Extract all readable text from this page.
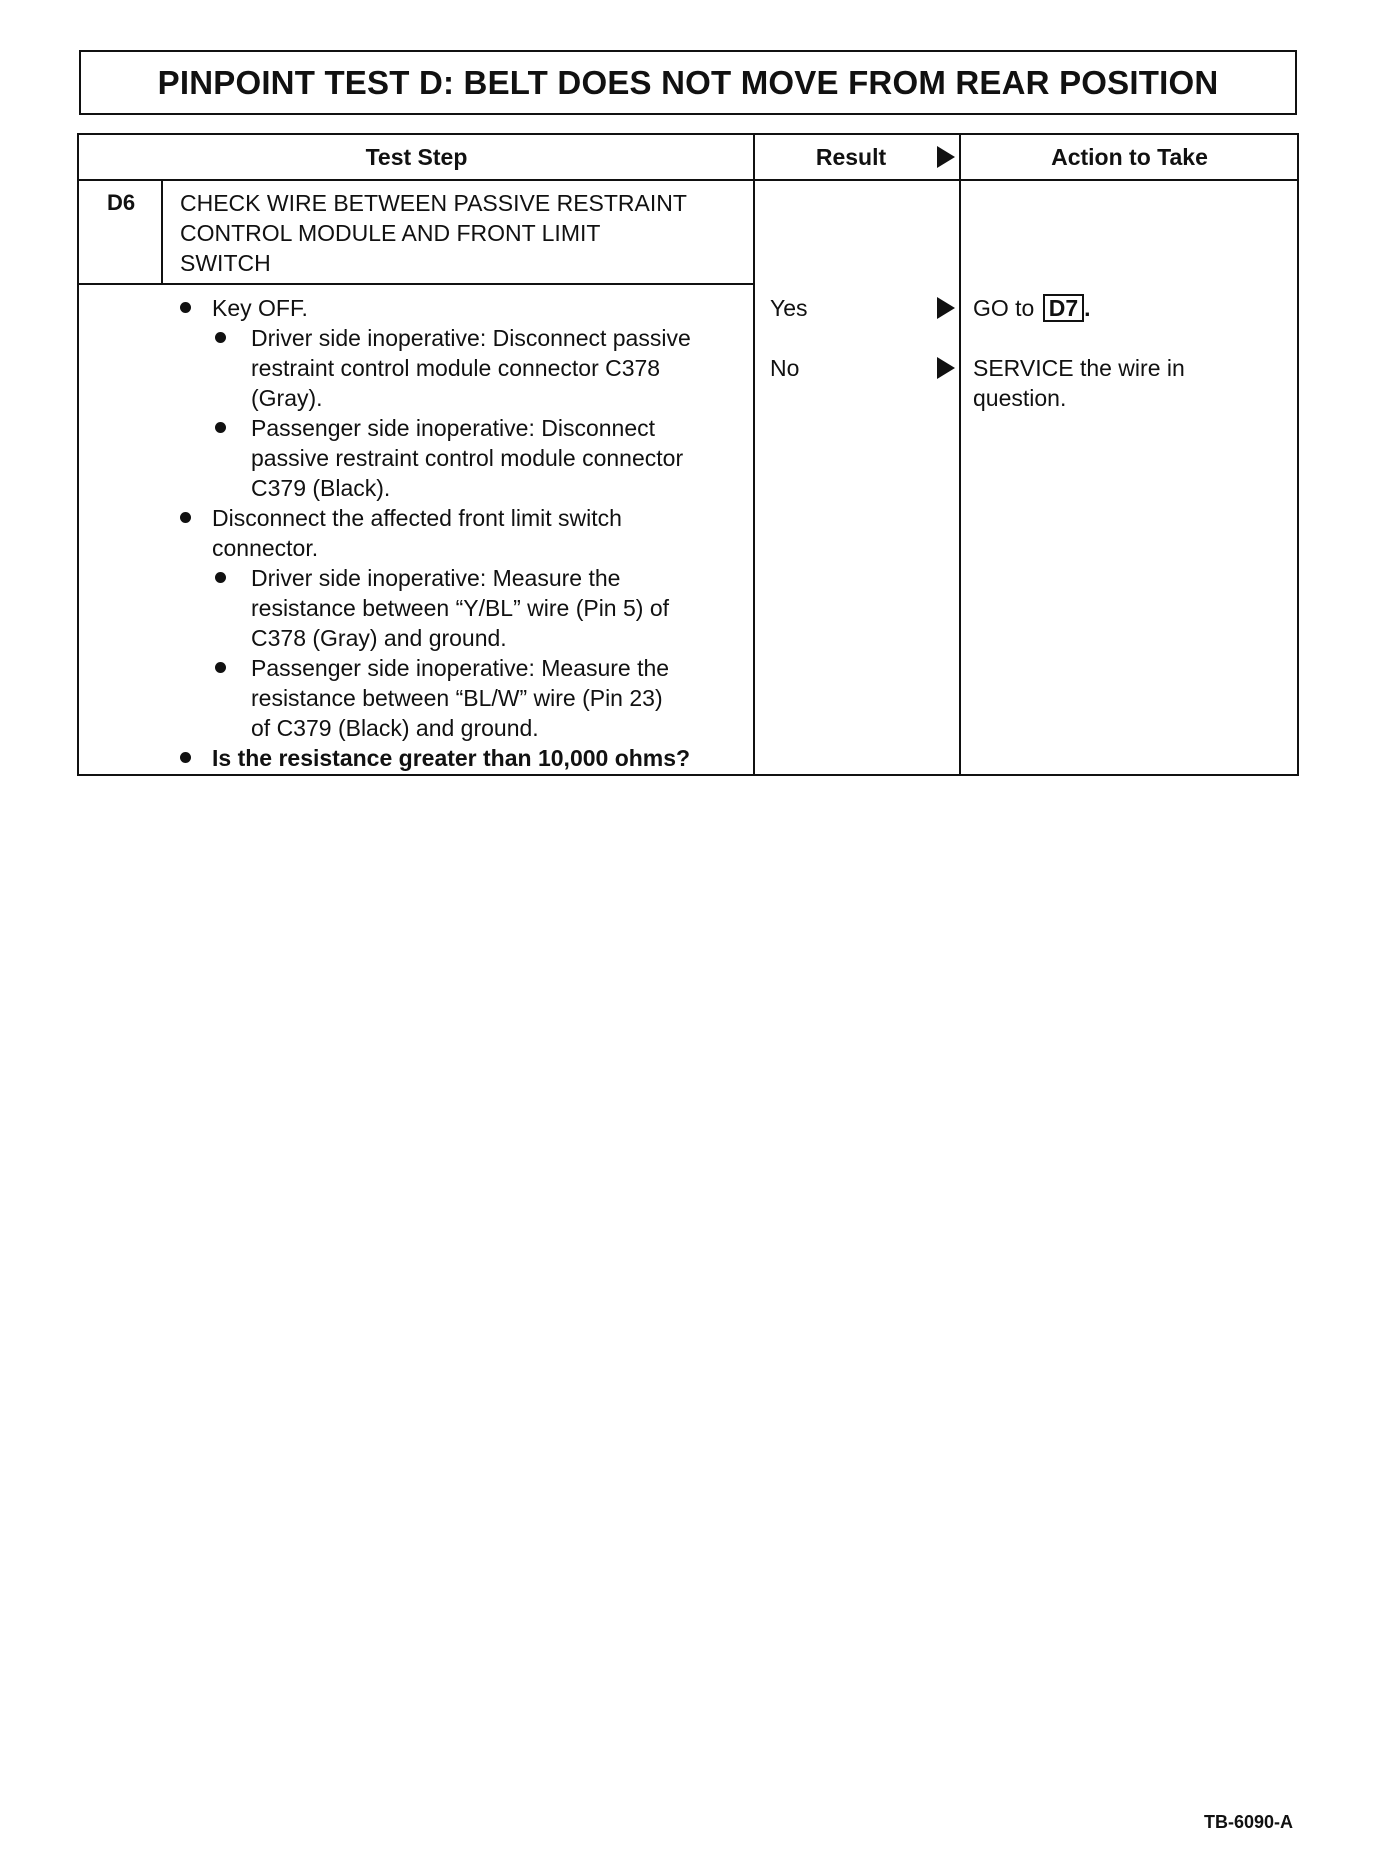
PINPOINT TEST D: BELT DOES NOT MOVE FROM REAR POSITION
Test Step	Result	Action to Take
D6	CHECK WIRE BETWEEN PASSIVE RESTRAINT
CONTROL MODULE AND FRONT LIMIT
SWITCH
Key OFF.
Driver side inoperative: Disconnect passive
restraint control module connector C378
(Gray).
Passenger side inoperative: Disconnect
passive restraint control module connector
C379 (Black).
Disconnect the affected front limit switch
connector.
Driver side inoperative: Measure the
resistance between “Y/BL” wire (Pin 5) of
C378 (Gray) and ground.
Passenger side inoperative: Measure the
resistance between “BL/W” wire (Pin 23)
of C379 (Black) and ground.
Is the resistance greater than 10,000 ohms?
Yes	GO to D7 .
No	SERVICE the wire in
question.
TB-6090-A
